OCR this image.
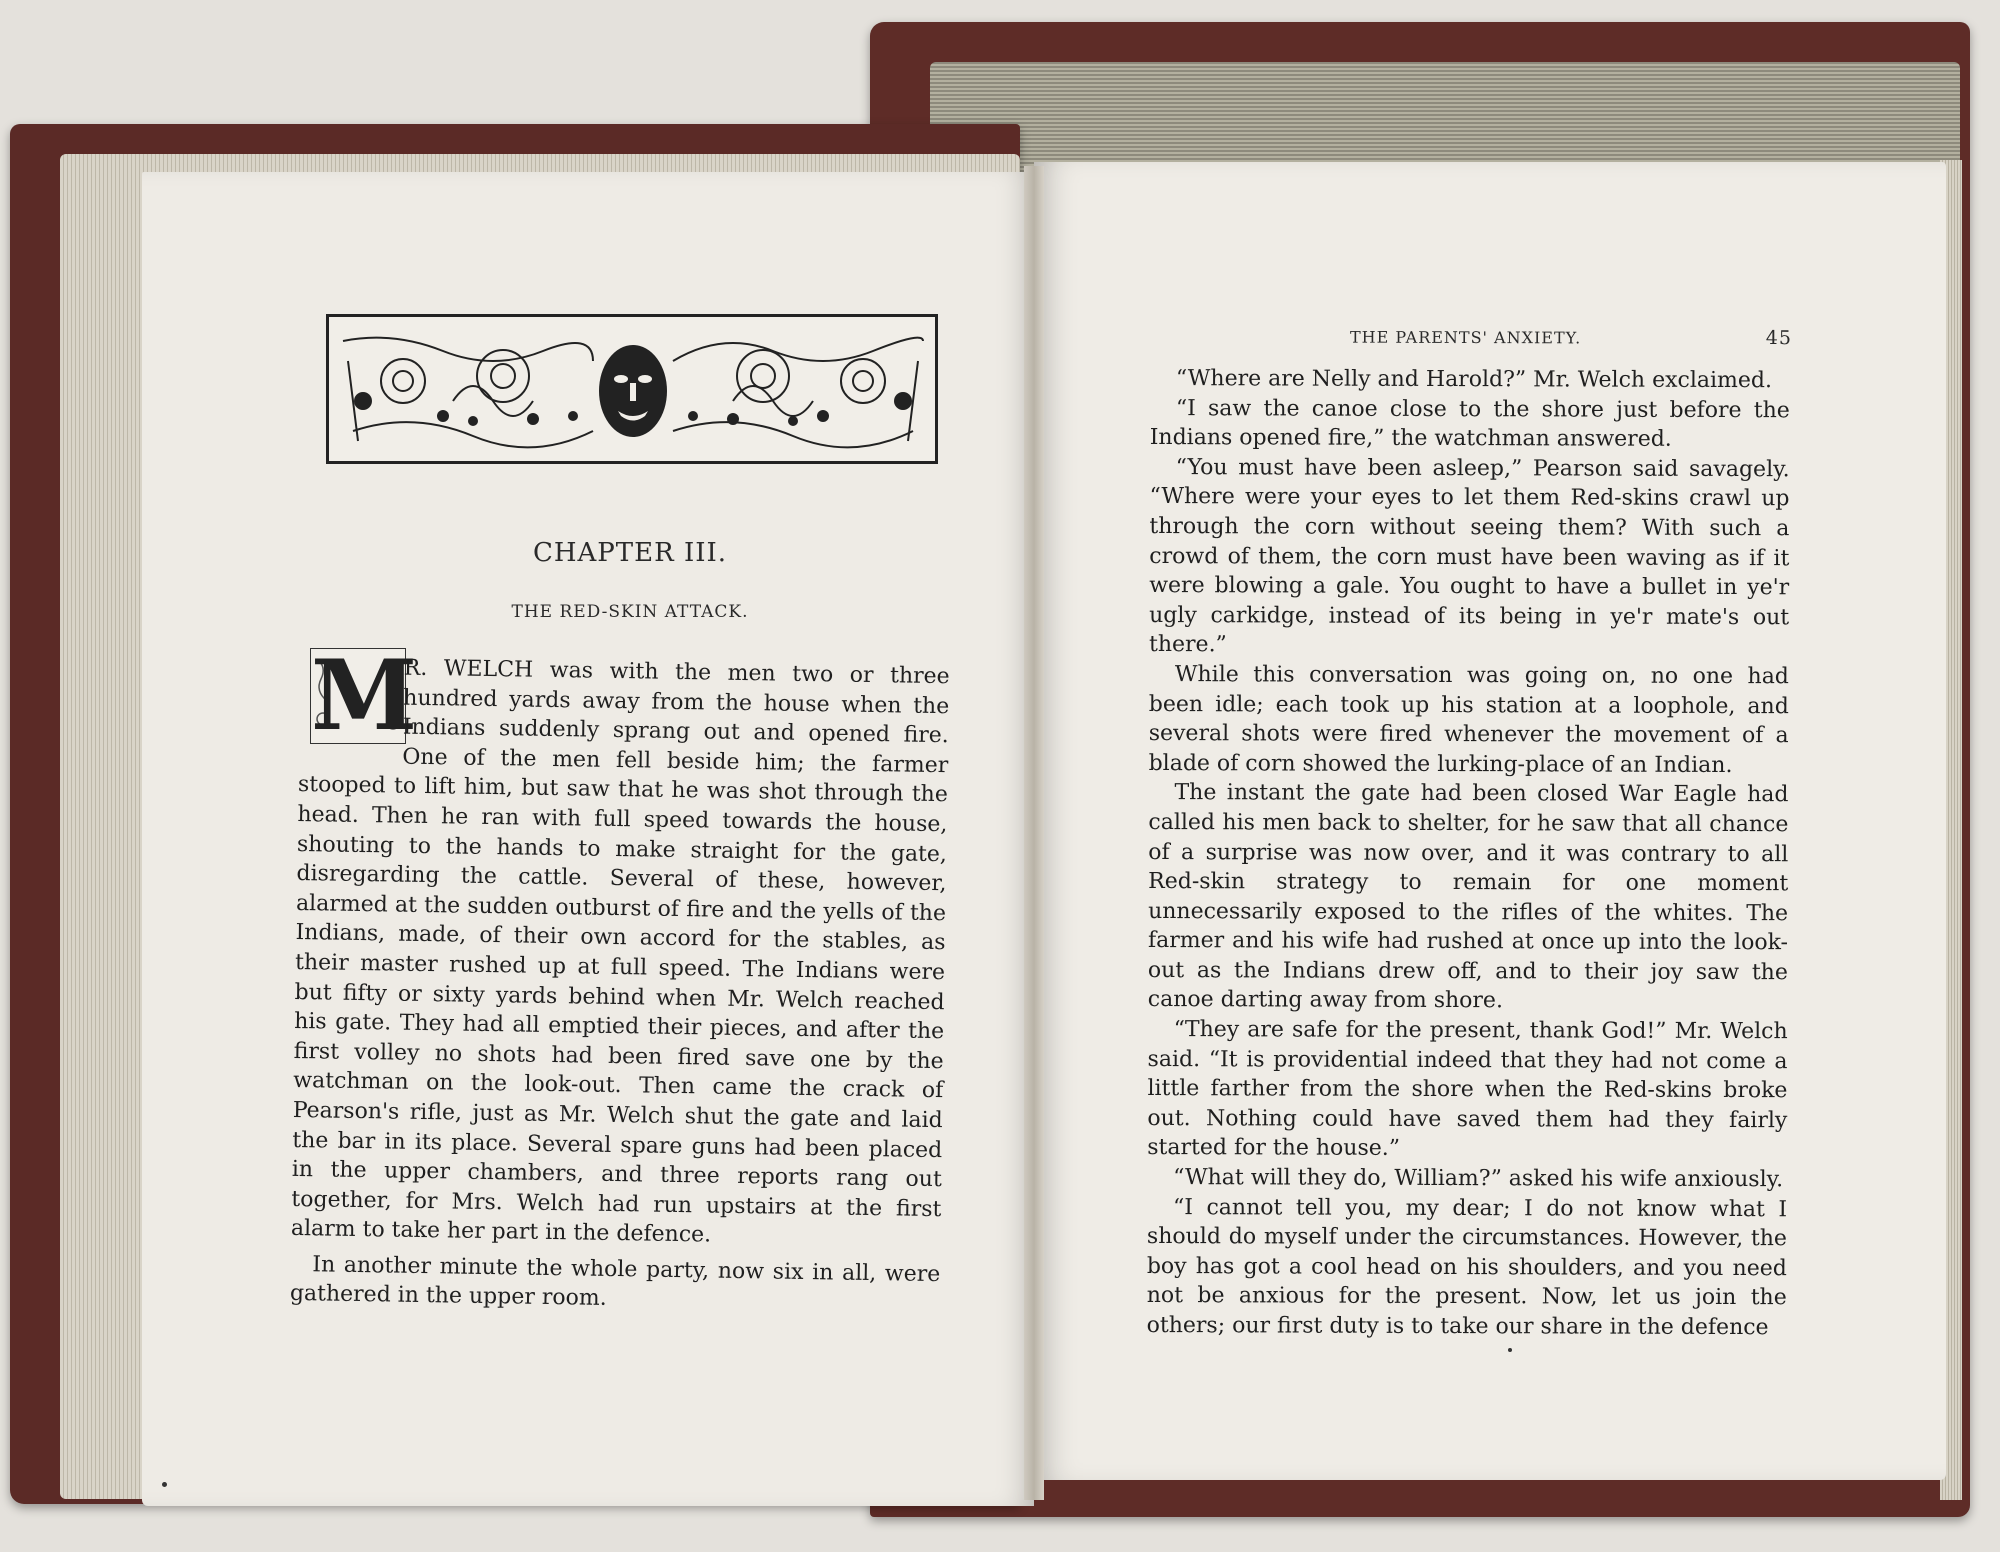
CHAPTER III.
THE RED-SKIN ATTACK.
M

R. WELCH was with the men two or three hundred yards away from the house when the Indians suddenly sprang out and opened fire. One of the men fell beside him; the farmer stooped to lift him, but saw that he was shot through the head. Then he ran with full speed towards the house, shouting to the hands to make straight for the gate, disregarding the cattle. Several of these, however, alarmed at the sudden outburst of fire and the yells of the Indians, made, of their own accord for the stables, as their master rushed up at full speed. The Indians were but fifty or sixty yards behind when Mr. Welch reached his gate. They had all emptied their pieces, and after the first volley no shots had been fired save one by the watchman on the look-out. Then came the crack of Pearson's rifle, just as Mr. Welch shut the gate and laid the bar in its place. Several spare guns had been placed in the upper chambers, and three reports rang out together, for Mrs. Welch had run upstairs at the first alarm to take her part in the defence.

In another minute the whole party, now six in all, were gathered in the upper room.

THE PARENTS' ANXIETY.	45

“Where are Nelly and Harold?” Mr. Welch exclaimed.

“I saw the canoe close to the shore just before the Indians opened fire,” the watchman answered.

“You must have been asleep,” Pearson said savagely. “Where were your eyes to let them Red-skins crawl up through the corn without seeing them? With such a crowd of them, the corn must have been waving as if it were blowing a gale. You ought to have a bullet in ye'r ugly carkidge, instead of its being in ye'r mate's out there.”

While this conversation was going on, no one had been idle; each took up his station at a loophole, and several shots were fired whenever the movement of a blade of corn showed the lurking-place of an Indian.

The instant the gate had been closed War Eagle had called his men back to shelter, for he saw that all chance of a surprise was now over, and it was contrary to all Red-skin strategy to remain for one moment unnecessarily exposed to the rifles of the whites. The farmer and his wife had rushed at once up into the look-out as the Indians drew off, and to their joy saw the canoe darting away from shore.

“They are safe for the present, thank God!” Mr. Welch said. “It is providential indeed that they had not come a little farther from the shore when the Red-skins broke out. Nothing could have saved them had they fairly started for the house.”

“What will they do, William?” asked his wife anxiously.

“I cannot tell you, my dear; I do not know what I should do myself under the circumstances. However, the boy has got a cool head on his shoulders, and you need not be anxious for the present. Now, let us join the others; our first duty is to take our share in the defence
